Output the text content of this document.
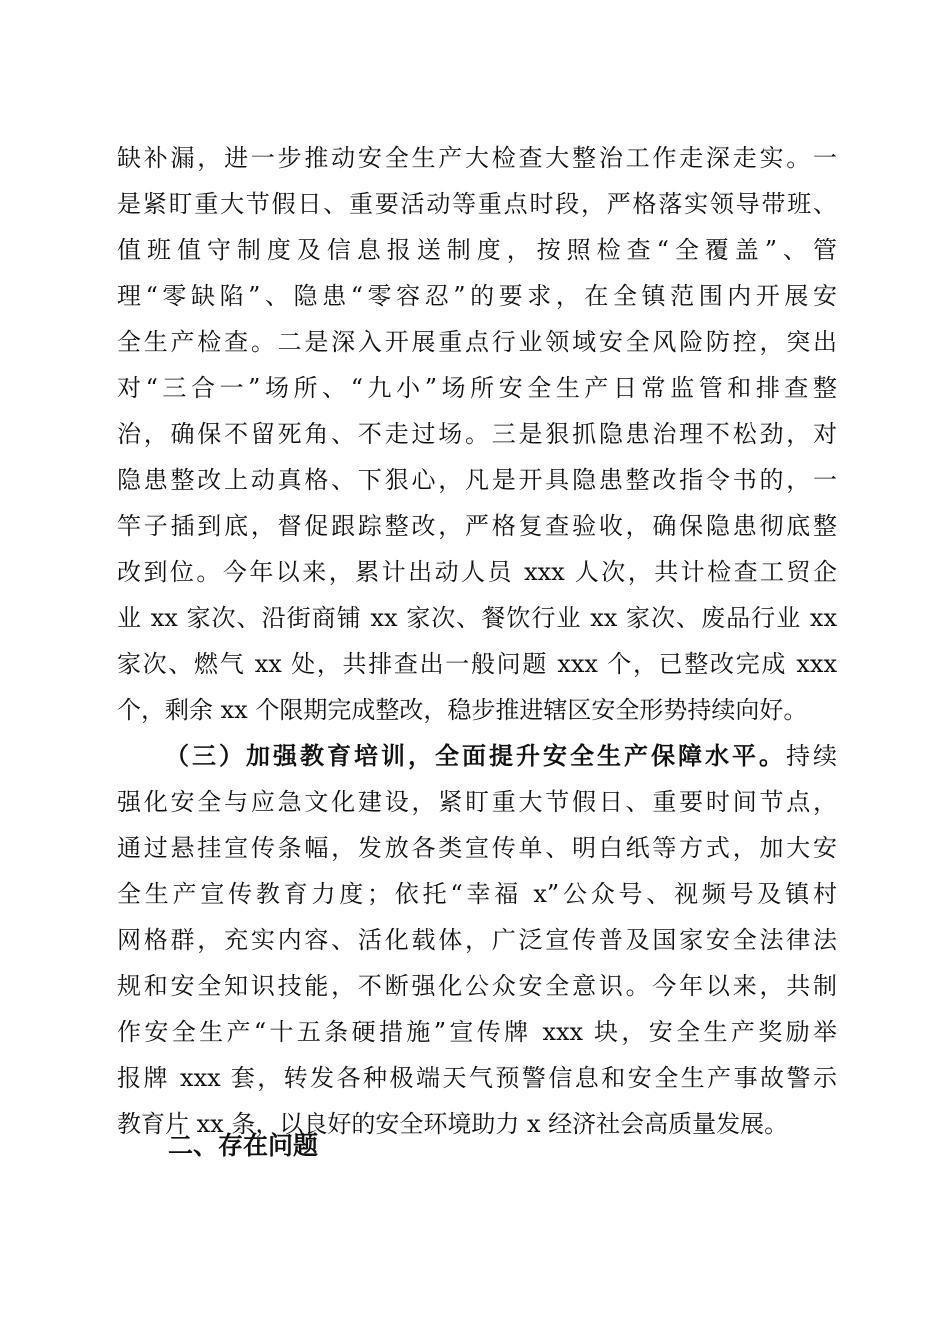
缺补漏，进一步推动安全生产大检查大整治工作走深走实。一
是紧盯重大节假日、重要活动等重点时段，严格落实领导带班、
值班值守制度及信息报送制度，按照检查“全覆盖”、管
理“零缺陷”、隐患“零容忍”的要求，在全镇范围内开展安
全生产检查。二是深入开展重点行业领域安全风险防控，突出
对“三合一”场所、“九小”场所安全生产日常监管和排查整
治，确保不留死角、不走过场。三是狠抓隐患治理不松劲，对
隐患整改上动真格、下狠心，凡是开具隐患整改指令书的，一
竿子插到底，督促跟踪整改，严格复查验收，确保隐患彻底整
改到位。今年以来，累计出动人员 xxx 人次，共计检查工贸企
业 xx 家次、沿街商铺 xx 家次、餐饮行业 xx 家次、废品行业 xx
家次、燃气 xx 处，共排查出一般问题 xxx 个，已整改完成 xxx
个，剩余 xx 个限期完成整改，稳步推进辖区安全形势持续向好。
（三）加强教育培训，全面提升安全生产保障水平。持续
强化安全与应急文化建设，紧盯重大节假日、重要时间节点，
通过悬挂宣传条幅，发放各类宣传单、明白纸等方式，加大安
全生产宣传教育力度；依托“幸福 x”公众号、视频号及镇村
网格群，充实内容、活化载体，广泛宣传普及国家安全法律法
规和安全知识技能，不断强化公众安全意识。今年以来，共制
作安全生产“十五条硬措施”宣传牌 xxx 块，安全生产奖励举
报牌 xxx 套，转发各种极端天气预警信息和安全生产事故警示
教育片 xx 条，以良好的安全环境助力 x 经济社会高质量发展。
二、存在问题
